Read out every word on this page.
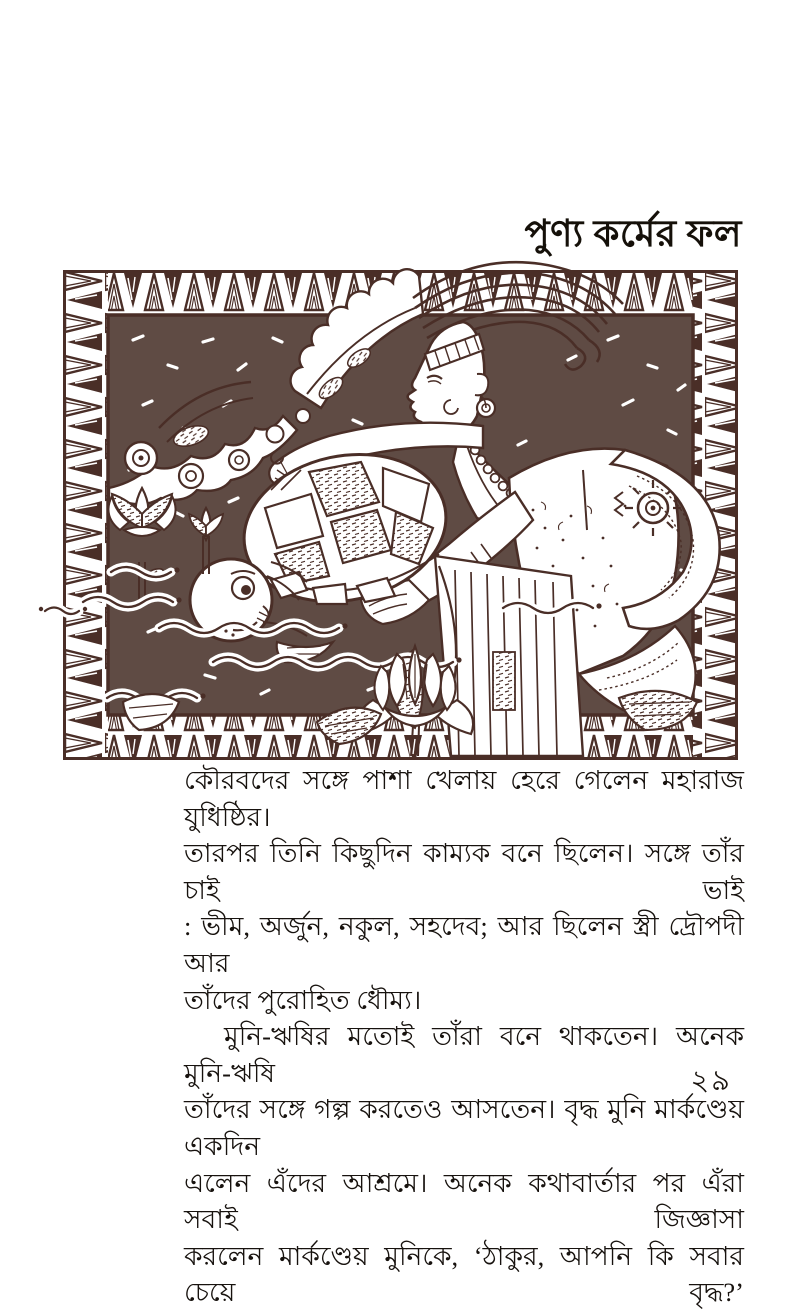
পুণ্য কর্মের ফল

কৌরবদের সঙ্গে পাশা খেলায় হেরে গেলেন মহারাজ যুধিষ্ঠির।

তারপর তিনি কিছুদিন কাম্যক বনে ছিলেন। সঙ্গে তাঁর চাই ভাই

: ভীম, অর্জুন, নকুল, সহদেব; আর ছিলেন স্ত্রী দ্রৌপদী আর

তাঁদের পুরোহিত ধৌম্য।

মুনি-ঋষির মতোই তাঁরা বনে থাকতেন। অনেক মুনি-ঋষি

তাঁদের সঙ্গে গল্প করতেও আসতেন। বৃদ্ধ মুনি মার্কণ্ডেয় একদিন

এলেন এঁদের আশ্রমে। অনেক কথাবার্তার পর এঁরা সবাই জিজ্ঞাসা

করলেন মার্কণ্ডেয় মুনিকে, ‘ঠাকুর, আপনি কি সবার চেয়ে বৃদ্ধ?’

২৯
